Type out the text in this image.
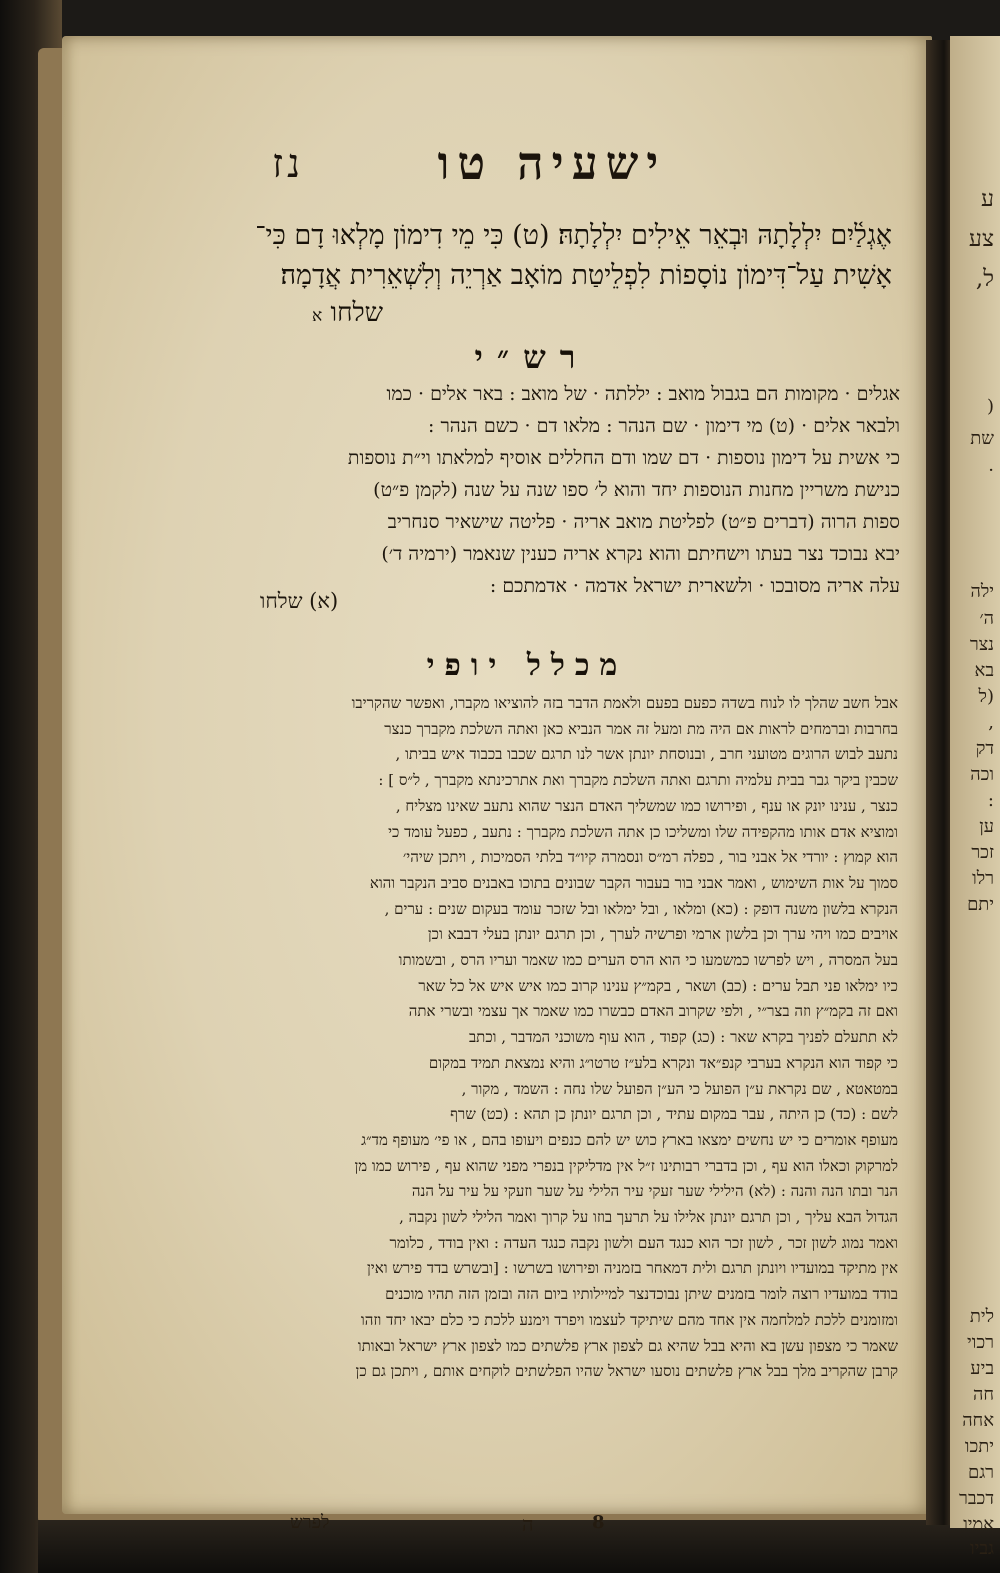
ישעיה טו
נז

אֶגְלַ֫יִם יִלְלָתָהּ וּבְאֵר אֵילִים יִלְלָתָהּ׃ (ט) כִּי מֵי דִימוֹן מָלְאוּ דָם כִּי־

אָשִׁית עַל־דִּימוֹן נוֹסָפוֹת לִפְלֵיטַת מוֹאָב אַרְיֵה וְלִשְׁאֵרִית אֲדָמָה׃

שלחו א
רש״י

אגלים · מקומות הם בגבול מואב : יללתה · של מואב : באר אלים · כמו

ולבאר אלים · (ט) מי דימון · שם הנהר : מלאו דם · כשם הנהר :

כי אשית על דימון נוספות · דם שמו ודם החללים אוסיף למלאתו וי״ת נוספות

כנישת משריין מחנות הנוספות יחד והוא ל׳ ספו שנה על שנה (לקמן פ״ט)

ספות הרוה (דברים פ״ט) לפליטת מואב אריה · פליטה שישאיר סנחריב

יבא נבוכד נצר בעתו וישחיתם והוא נקרא אריה כענין שנאמר (ירמיה ד׳)

עלה אריה מסובכו · ולשארית ישראל אדמה · אדמתכם :

(א) שלחו
מכלל יופי

אבל חשב שהלך לו לנוח בשדה כפעם בפעם ולאמת הדבר בזה להוציאו מקברו, ואפשר שהקריבו

בחרבות וברמחים לראות אם היה מת ומעל זה אמר הנביא כאן ואתה השלכת מקברך כנצר

נתעב לבוש הרוגים מטועני חרב , ובנוסחת יונתן אשר לנו תרגם שכבו בכבוד איש בביתו ,

שכבין ביקר גבר בבית עלמיה ותרגם ואתה השלכת מקברך ואת אתרכינתא מקברך , ל״ס ] :

כנצר , ענינו יונק או ענף , ופירושו כמו שמשליך האדם הנצר שהוא נתעב שאינו מצליח ,

ומוציא אדם אותו מהקפידה שלו ומשליכו כן אתה השלכת מקברך : נתעב , כפעל עומד כי

הוא קמוץ : יורדי אל אבני בור , כפלה רמ״ס ונסמרה קיו״ד בלתי הסמיכות , ויתכן שיהי׳

סמוך על אות השימוש , ואמר אבני בור בעבור הקבר שבונים בתוכו באבנים סביב הנקבר והוא

הנקרא בלשון משנה דופק : (כא) ומלאו , ובל ימלאו ובל שזכר עומד בעקום שנים : ערים ,

אויבים כמו ויהי ערך וכן בלשון ארמי ופרשיה לערך , וכן תרגם יונתן בעלי דבבא וכן

בעל המסרה , ויש לפרשו כמשמעו כי הוא הרס הערים כמו שאמר ועריו הרס , ובשמותו

כיו ימלאו פני תבל ערים : (כב) ושאר , בקמ״ץ ענינו קרוב כמו איש איש אל כל שאר

ואם זה בקמ״ץ וזה בצר״י , ולפי שקרוב האדם כבשרו כמו שאמר אך עצמי ובשרי אתה

לא תתעלם לפניך בקרא שאר : (כג) קפוד , הוא עוף משוכני המדבר , וכתב

כי קפוד הוא הנקרא בערבי קנפ״אד ונקרא בלע״ז טרטו״ג והיא נמצאת תמיד במקום

במטאטא , שם נקראת ע״ן הפועל כי הע״ן הפועל שלו נחה : השמד , מקור ,

לשם : (כד) כן היתה , עבר במקום עתיד , וכן תרגם יונתן כן תהא : (כט) שרף

מעופף אומרים כי יש נחשים ימצאו בארץ כוש יש להם כנפים ויעופו בהם , או פי׳ מעופף מד״ג

למרקוק וכאלו הוא עף , וכן בדברי רבותינו ז״ל אין מדליקין בנפרי מפני שהוא עף , פירוש כמו מן

הנר ובתו הנה והנה : (לא) הילילי שער זעקי עיר הלילי על שער וזעקי על עיר על הנה

הגדול הבא עליך , וכן תרגם יונתן אלילו על תרעך בוזו על קרוך ואמר הלילי לשון נקבה ,

ואמר נמוג לשון זכר , לשון זכר הוא כנגד העם ולשון נקבה כנגד העדה : ואין בודד , כלומר

אין מתיקד במועדיו ויונתן תרגם ולית דמאחר בזמניה ופירושו בשרשו : [ובשרש בדד פירש ואין

בודד במועדיו רוצה לומר בזמנים שיתן נבוכדנצר למיילותיו ביום הזה ובזמן הזה תהיו מוכנים

ומזומנים ללכת למלחמה אין אחד מהם שיתיקד לעצמו ויפרד וימנע ללכת כי כלם יבאו יחד וזהו

שאמר כי מצפון עשן בא והיא בבל שהיא גם לצפון ארץ פלשתים כמו לצפון ארץ ישראל ובאותו

קרבן שהקריב מלך בבל ארץ פלשתים נוסעו ישראל שהיו הפלשתים לוקחים אותם , ויתכן גם כן

לפרש	ה	8
ע
צע
ל,
(
שת
·
ילה
ה׳
נצר
בא
(ל
,
דק
וכה
:
ען
זכר
רלו
יתם
לית
רכוי
ביע
חה
אחה
יתכו
רגם
דכבר
אמיו
גביו
